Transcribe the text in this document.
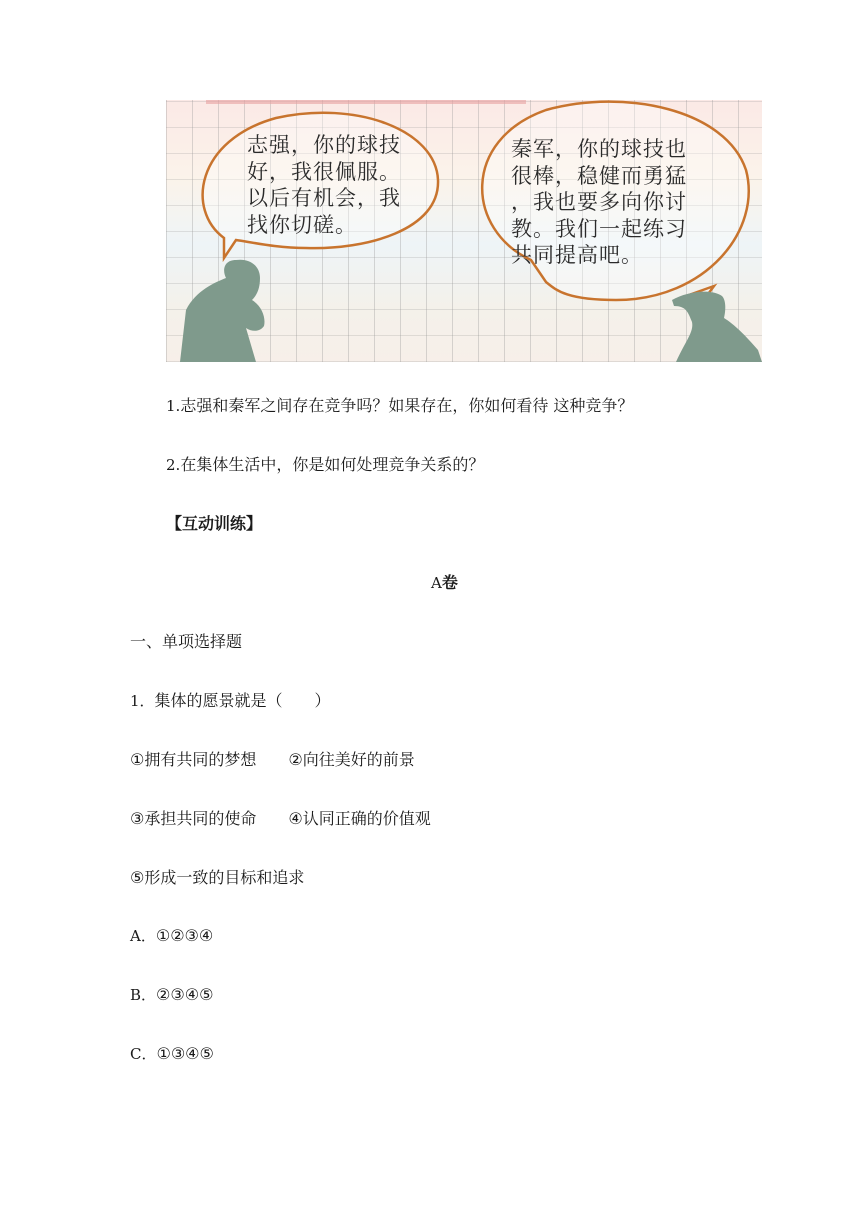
志强，你的球技
好，我很佩服。
以后有机会，我
找你切磋。
秦军，你的球技也
很棒，稳健而勇猛
，我也要多向你讨
教。我们一起练习
共同提高吧。
1.志强和秦军之间存在竞争吗？如果存在，你如何看待 这种竞争？
2.在集体生活中，你是如何处理竞争关系的？
【互动训练】
A卷
一、单项选择题
1．集体的愿景就是（　　）
①拥有共同的梦想　　②向往美好的前景
③承担共同的使命　　④认同正确的价值观
⑤形成一致的目标和追求
A．①②③④
B．②③④⑤
C．①③④⑤
